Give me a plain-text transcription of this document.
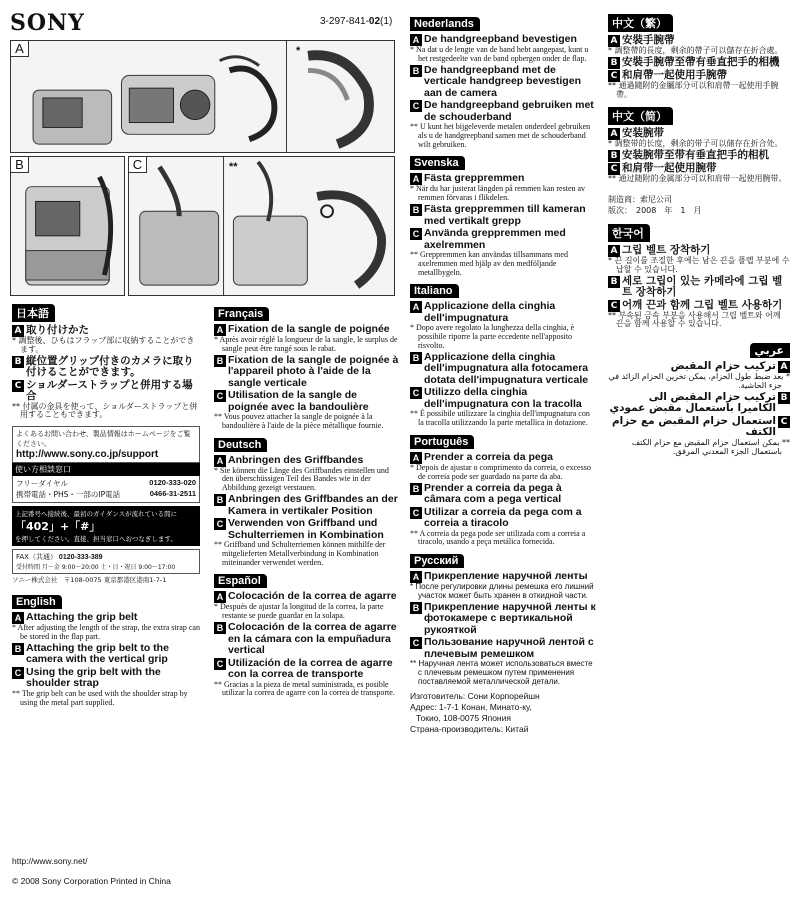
SONY	3-297-841-02(1)
A	*
B	C	**
日本語
A 取り付けかた
* 調整後、ひもはフラップ部に収納することができます。
B 縦位置グリップ付きのカメラに取り付けることができます。
C ショルダーストラップと併用する場合
** 付属の金具を使って、ショルダーストラップと併用することもできます。
よくあるお問い合わせ、製品情報はホームページをご覧ください。
http://www.sony.co.jp/support
使い方相談窓口
フリーダイヤル	0120-333-020
携帯電話・PHS・一部のIP電話	0466-31-2511
上記番号へ接続後、最初のガイダンスが流れている間に
「402」+「#」
を押してください。直接、担当窓口へおつなぎします。
FAX（共通） 0120-333-389
受付時間 月〜金 9:00〜20:00 土・日・祝日 9:00〜17:00
ソニー株式会社　〒108-0075 東京都港区港南1-7-1
English
A Attaching the grip belt
* After adjusting the length of the strap, the extra strap can be stored in the flap part.
B Attaching the grip belt to the camera with the vertical grip
C Using the grip belt with the shoulder strap
** The grip belt can be used with the shoulder strap by using the metal part supplied.
Français
A Fixation de la sangle de poignée
* Après avoir réglé la longueur de la sangle, le surplus de sangle peut être rangé sous le rabat.
B Fixation de la sangle de poignée à l'appareil photo à l'aide de la sangle verticale
C Utilisation de la sangle de poignée avec la bandoulière
** Vous pouvez attacher la sangle de poignée à la bandoulière à l'aide de la pièce métallique fournie.
Deutsch
A Anbringen des Griffbandes
* Sie können die Länge des Griffbandes einstellen und den überschüssigen Teil des Bandes wie in der Abbildung gezeigt verstauen.
B Anbringen des Griffbandes an der Kamera in vertikaler Position
C Verwenden von Griffband und Schulterriemen in Kombination
** Griffband und Schulterriemen können mithilfe der mitgelieferten Metallverbindung in Kombination miteinander verwendet werden.
Español
A Colocación de la correa de agarre
* Después de ajustar la longitud de la correa, la parte restante se puede guardar en la solapa.
B Colocación de la correa de agarre en la cámara con la empuñadura vertical
C Utilización de la correa de agarre con la correa de transporte
** Gracias a la pieza de metal suministrada, es posible utilizar la correa de agarre con la correa de transporte.
Nederlands
A De handgreepband bevestigen
* Na dat u de lengte van de band hebt aangepast, kunt u het restgedeelte van de band opbergen onder de flap.
B De handgreepband met de verticale handgreep bevestigen aan de camera
C De handgreepband gebruiken met de schouderband
** U kunt het bijgeleverde metalen onderdeel gebruiken als u de handgreepband samen met de schouderband wilt gebruiken.
Svenska
A Fästa greppremmen
* När du har justerat längden på remmen kan resten av remmen förvaras i flikdelen.
B Fästa greppremmen till kameran med vertikalt grepp
C Använda greppremmen med axelremmen
** Greppremmen kan användas tillsammans med axelremmen med hjälp av den medföljande metallbygeln.
Italiano
A Applicazione della cinghia dell'impugnatura
* Dopo avere regolato la lunghezza della cinghia, è possibile riporre la parte eccedente nell'apposito risvolto.
B Applicazione della cinghia dell'impugnatura alla fotocamera dotata dell'impugnatura verticale
C Utilizzo della cinghia dell'impugnatura con la tracolla
** È possibile utilizzare la cinghia dell'impugnatura con la tracolla utilizzando la parte metallica in dotazione.
Português
A Prender a correia da pega
* Depois de ajustar o comprimento da correia, o excesso de correia pode ser guardado na parte da aba.
B Prender a correia da pega à câmara com a pega vertical
C Utilizar a correia da pega com a correia a tiracolo
** A correia da pega pode ser utilizada com a correia a tiracolo, usando a peça metálica fornecida.
Русский
A Прикрепление наручной ленты
* После регулировки длины ремешка его лишний участок может быть хранен в откидной части.
B Прикрепление наручной ленты к фотокамере с вертикальной рукояткой
C Пользование наручной лентой с плечевым ремешком
** Наручная лента может использоваться вместе с плечевым ремешком путем применения поставляемой металлической детали.
Изготовитель: Сони Корпорейшн
Адрес: 1-7-1 Конан, Минато-ку,
Токио, 108-0075 Япония
Страна-производитель: Китай
中文（繁）
A 安裝手腕帶
* 調整帶的長度，剩余的帶子可以儲存在折合處。
B 安裝手腕帶至帶有垂直把手的相機
C 和肩帶一起使用手腕帶
** 通過隨附的金屬部分可以和肩帶一起使用手腕帶。
中文（简）
A 安装腕带
* 调整带的长度，剩余的带子可以储存在折合处。
B 安装腕带至带有垂直把手的相机
C 和肩带一起使用腕带
** 通过随附的金属部分可以和肩带一起使用腕带。
制造商：索尼公司
版次：　2008　年　1　月
한국어
A 그립 벨트 장착하기
* 끈 길이를 조절한 후에는 남은 끈을 플랩 부분에 수납할 수 있습니다.
B 세로 그립이 있는 카메라에 그립 벨트 장착하기
C 어깨 끈과 함께 그립 벨트 사용하기
** 부속된 금속 부분을 사용해서 그립 벨트와 어깨 끈을 함께 사용할 수 있습니다.
عربي
A
تركيب حزام المقبض
* بعد ضبط طول الحزام، يمكن تخزين الحزام الزائد في جزء الحاشية.
B
تركيب حزام المقبض الى الكاميرا باستعمال مقبض عمودي
C
استعمال حزام المقبض مع حزام الكتف
** يمكن استعمال حزام المقبض مع حزام الكتف باستعمال الجزء المعدني المرفق.
http://www.sony.net/
© 2008 Sony Corporation Printed in China
